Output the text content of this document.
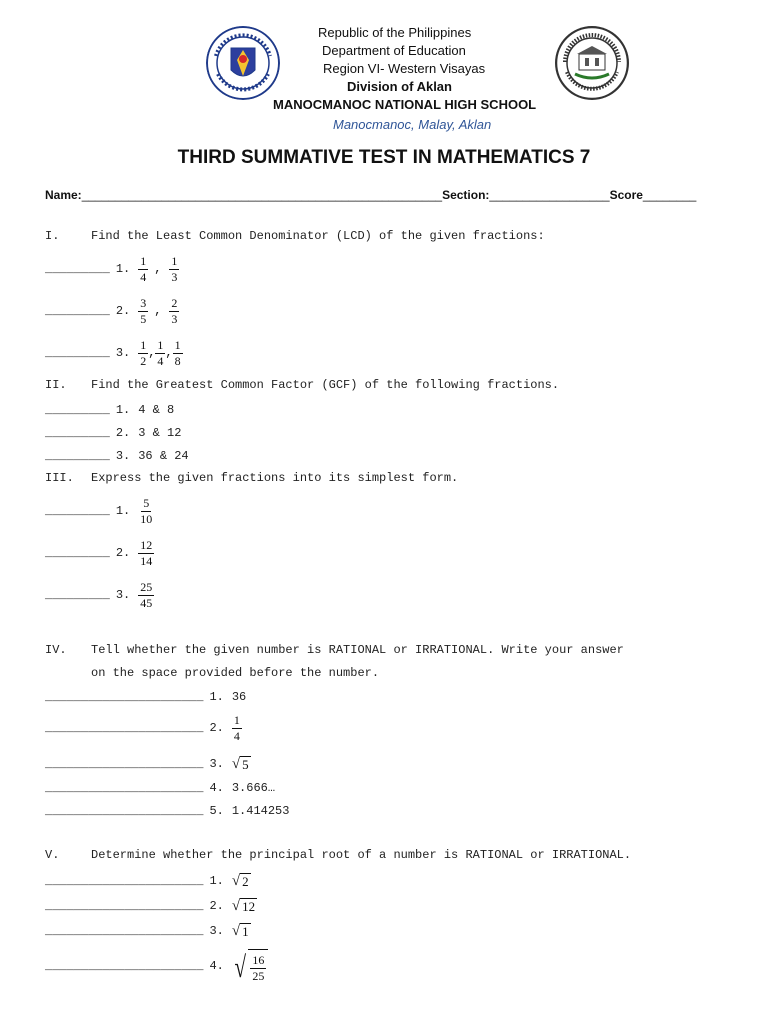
Republic of the Philippines
Department of Education
Region VI- Western Visayas
Division of Aklan
MANOCMANOC NATIONAL HIGH SCHOOL
Manocmanoc, Malay, Aklan
THIRD SUMMATIVE TEST IN MATHEMATICS 7
Name: ______________________________________________________ Section: __________________ Score ________
I.	Find the Least Common Denominator (LCD) of the given fractions:
_________ 1. $\frac{1}{4}$ , $\frac{1}{3}$
_________ 2. $\frac{3}{5}$ , $\frac{2}{3}$
_________ 3. $\frac{1}{2}$ , $\frac{1}{4}$ , $\frac{1}{8}$
II. Find the Greatest Common Factor (GCF) of the following fractions.
_________ 1. 4 & 8
_________ 2. 3 & 12
_________ 3. 36 & 24
III. Express the given fractions into its simplest form.
_________ 1. $\frac{5}{10}$
_________ 2. $\frac{12}{14}$
_________ 3. $\frac{25}{45}$
IV. Tell whether the given number is RATIONAL or IRRATIONAL. Write your answer
on the space provided before the number.
______________________ 1. 36
______________________ 2. $\frac{1}{4}$
______________________ 3. √ 5
______________________ 4. 3.666…
______________________ 5. 1.414253
V.	Determine whether the principal root of a number is RATIONAL or IRRATIONAL.
______________________ 1. √ 2
______________________ 2. √ 12
______________________ 3. √ 1
______________________ 4. √ $\frac{16}{25}$
